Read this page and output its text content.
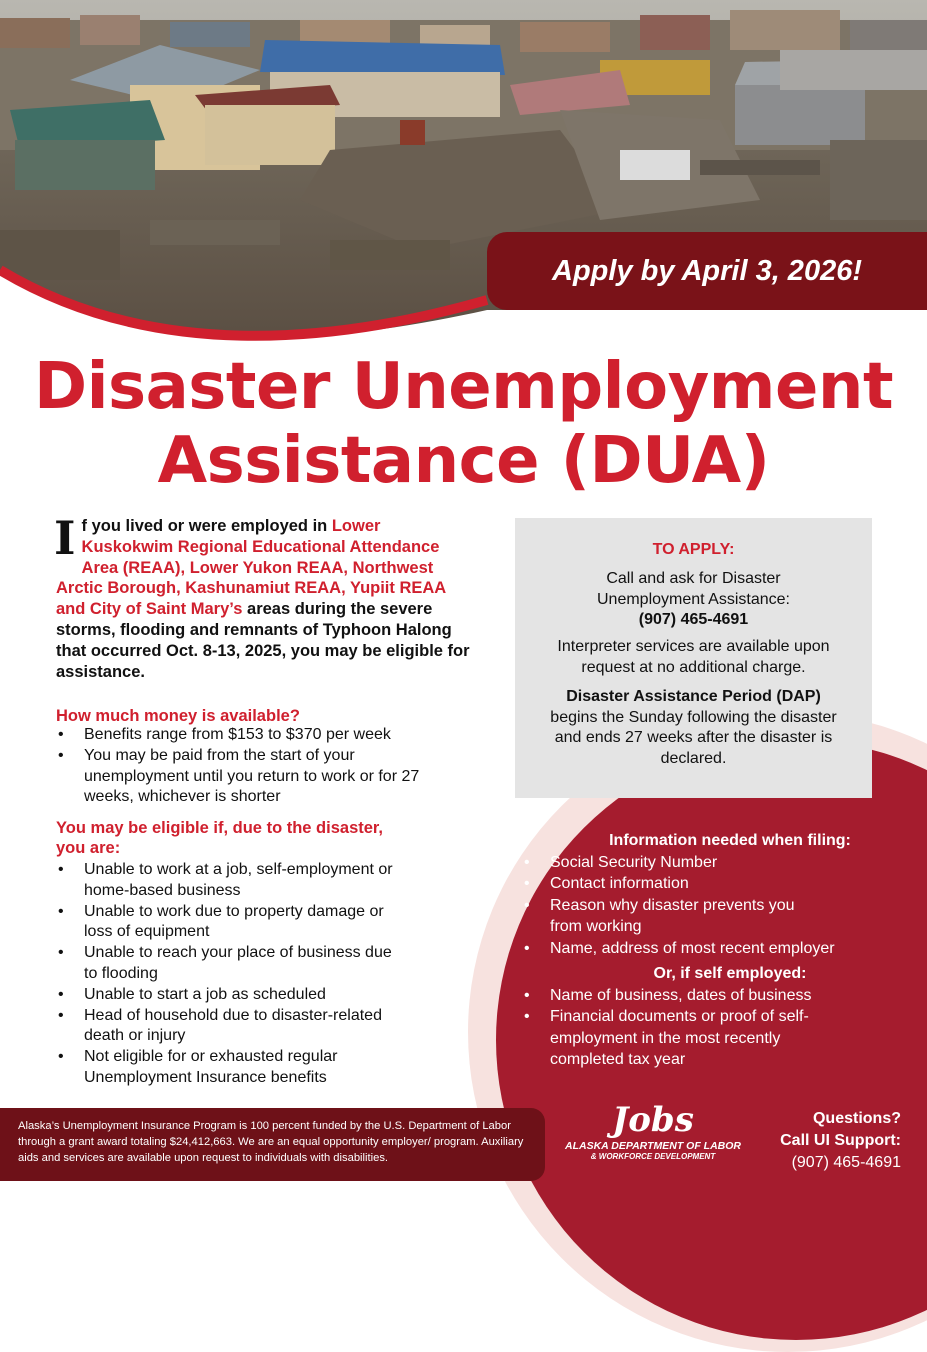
Apply by April 3, 2026!
Disaster Unemployment
Assistance (DUA)
If you lived or were employed in Lower Kuskokwim Regional Educational Attendance Area (REAA), Lower Yukon REAA, Northwest Arctic Borough, Kashunamiut REAA, Yupiit REAA and City of Saint Mary’s areas during the severe storms, flooding and remnants of Typhoon Halong that occurred Oct. 8-13, 2025, you may be eligible for assistance.
How much money is available?
• Benefits range from $153 to $370 per week
• You may be paid from the start of your unemployment until you return to work or for 27 weeks, whichever is shorter
You may be eligible if, due to the disaster, you are:
• Unable to work at a job, self-employment or home-based business
• Unable to work due to property damage or loss of equipment
• Unable to reach your place of business due to flooding
• Unable to start a job as scheduled
• Head of household due to disaster-related death or injury
• Not eligible for or exhausted regular Unemployment Insurance benefits

TO APPLY:

Call and ask for Disaster Unemployment Assistance:

(907) 465-4691

Interpreter services are available upon request at no additional charge.

Disaster Assistance Period (DAP)

begins the Sunday following the disaster and ends 27 weeks after the disaster is declared.

Information needed when filing:
• Social Security Number
• Contact information
• Reason why disaster prevents you from working
• Name, address of most recent employer
Or, if self employed:
• Name of business, dates of business
• Financial documents or proof of self-employment in the most recently completed tax year
Alaska’s Unemployment Insurance Program is 100 percent funded by the U.S. Department of Labor through a grant award totaling $24,412,663. We are an equal opportunity employer/ program. Auxiliary aids and services are available upon request to individuals with disabilities.
Jobs
ALASKA DEPARTMENT OF LABOR
& WORKFORCE DEVELOPMENT
Questions?
Call UI Support:
(907) 465-4691
